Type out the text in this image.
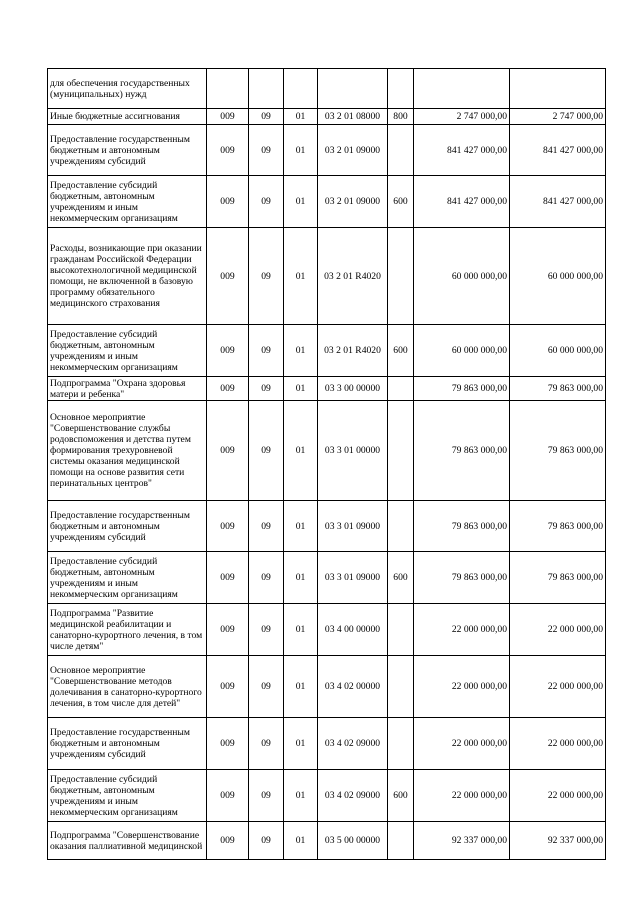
для обеспечения государственных (муниципальных) нужд							
Иные бюджетные ассигнования	009	09	01	03 2 01 08000	800	2 747 000,00	2 747 000,00
Предоставление государственным бюджетным и автономным учреждениям субсидий	009	09	01	03 2 01 09000		841 427 000,00	841 427 000,00
Предоставление субсидий бюджетным, автономным учреждениям и иным некоммерческим организациям	009	09	01	03 2 01 09000	600	841 427 000,00	841 427 000,00
Расходы, возникающие при оказании гражданам Российской Федерации высокотехнологичной медицинской помощи, не включенной в базовую программу обязательного медицинского страхования	009	09	01	03 2 01 R4020		60 000 000,00	60 000 000,00
Предоставление субсидий бюджетным, автономным учреждениям и иным некоммерческим организациям	009	09	01	03 2 01 R4020	600	60 000 000,00	60 000 000,00
Подпрограмма "Охрана здоровья матери и ребенка"	009	09	01	03 3 00 00000		79 863 000,00	79 863 000,00
Основное мероприятие "Совершенствование службы родовспоможения и детства путем формирования трехуровневой системы оказания медицинской помощи на основе развития сети перинатальных центров"	009	09	01	03 3 01 00000		79 863 000,00	79 863 000,00
Предоставление государственным бюджетным и автономным учреждениям субсидий	009	09	01	03 3 01 09000		79 863 000,00	79 863 000,00
Предоставление субсидий бюджетным, автономным учреждениям и иным некоммерческим организациям	009	09	01	03 3 01 09000	600	79 863 000,00	79 863 000,00
Подпрограмма "Развитие медицинской реабилитации и санаторно-курортного лечения, в том числе детям"	009	09	01	03 4 00 00000		22 000 000,00	22 000 000,00
Основное мероприятие "Совершенствование методов долечивания в санаторно-курортного лечения, в том числе для детей"	009	09	01	03 4 02 00000		22 000 000,00	22 000 000,00
Предоставление государственным бюджетным и автономным учреждениям субсидий	009	09	01	03 4 02 09000		22 000 000,00	22 000 000,00
Предоставление субсидий бюджетным, автономным учреждениям и иным некоммерческим организациям	009	09	01	03 4 02 09000	600	22 000 000,00	22 000 000,00
Подпрограмма "Совершенствование оказания паллиативной медицинской	009	09	01	03 5 00 00000		92 337 000,00	92 337 000,00
